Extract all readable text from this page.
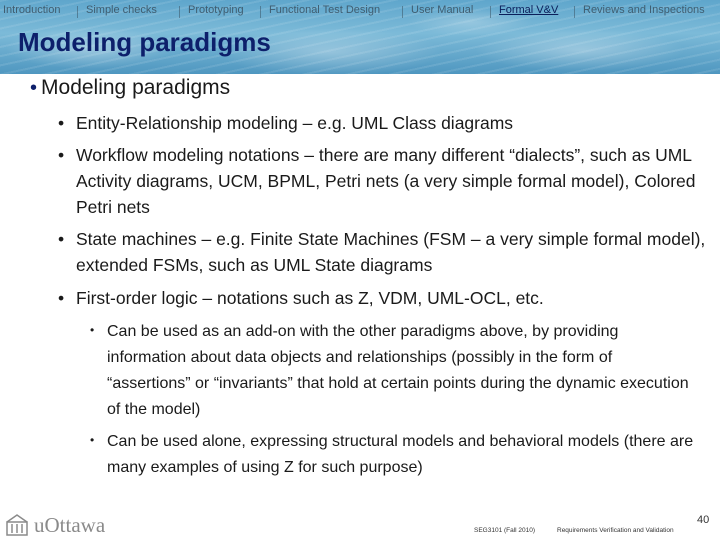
Introduction Simple checks	Prototyping Functional Test Design	User Manual Formal V&V Reviews and Inspections
Modeling paradigms
• Modeling paradigms
• Entity-Relationship modeling – e.g. UML Class diagrams
• Workflow modeling notations – there are many different “dialects”, such as UML Activity diagrams, UCM, BPML, Petri nets (a very simple formal model), Colored Petri nets
• State machines – e.g. Finite State Machines (FSM – a very simple formal model), extended FSMs, such as UML State diagrams
• First-order logic – notations such as Z, VDM, UML-OCL, etc.
• Can be used as an add-on with the other paradigms above, by providing information about data objects and relationships (possibly in the form of “assertions” or “invariants” that hold at certain points during the dynamic execution of the model)
• Can be used alone, expressing structural models and behavioral models (there are many examples of using Z for such purpose)
uOttawa	SEG3101 (Fall 2010)	Requirements Verification and Validation
40
